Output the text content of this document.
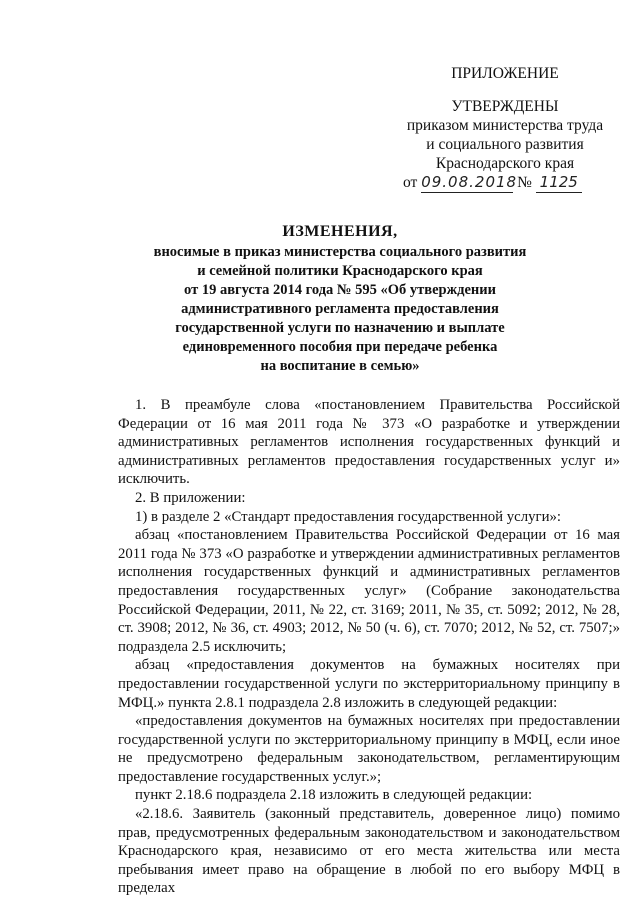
ПРИЛОЖЕНИЕ
УТВЕРЖДЕНЫ
приказом министерства труда
и социального развития
Краснодарского края
от 09.08.2018 № 1125
ИЗМЕНЕНИЯ,
вносимые в приказ министерства социального развития
и семейной политики Краснодарского края
от 19 августа 2014 года № 595 «Об утверждении
административного регламента предоставления
государственной услуги по назначению и выплате
единовременного пособия при передаче ребенка
на воспитание в семью»

1. В преамбуле слова «постановлением Правительства Российской Федерации от 16 мая 2011 года № 373 «О разработке и утверждении административных регламентов исполнения государственных функций и административных регламентов предоставления государственных услуг и» исключить.

2. В приложении:

1) в разделе 2 «Стандарт предоставления государственной услуги»:

абзац «постановлением Правительства Российской Федерации от 16 мая 2011 года № 373 «О разработке и утверждении административных регламентов исполнения государственных функций и административных регламентов предоставления государственных услуг» (Собрание законодательства Российской Федерации, 2011, № 22, ст. 3169; 2011, № 35, ст. 5092; 2012, № 28, ст. 3908; 2012, № 36, ст. 4903; 2012, № 50 (ч. 6), ст. 7070; 2012, № 52, ст. 7507;» подраздела 2.5 исключить;

абзац «предоставления документов на бумажных носителях при предоставлении государственной услуги по экстерриториальному принципу в МФЦ.» пункта 2.8.1 подраздела 2.8 изложить в следующей редакции:

«предоставления документов на бумажных носителях при предоставлении государственной услуги по экстерриториальному принципу в МФЦ, если иное не предусмотрено федеральным законодательством, регламентирующим предоставление государственных услуг.»;

пункт 2.18.6 подраздела 2.18 изложить в следующей редакции:

«2.18.6. Заявитель (законный представитель, доверенное лицо) помимо прав, предусмотренных федеральным законодательством и законодательством Краснодарского края, независимо от его места жительства или места пребывания имеет право на обращение в любой по его выбору МФЦ в пределах
